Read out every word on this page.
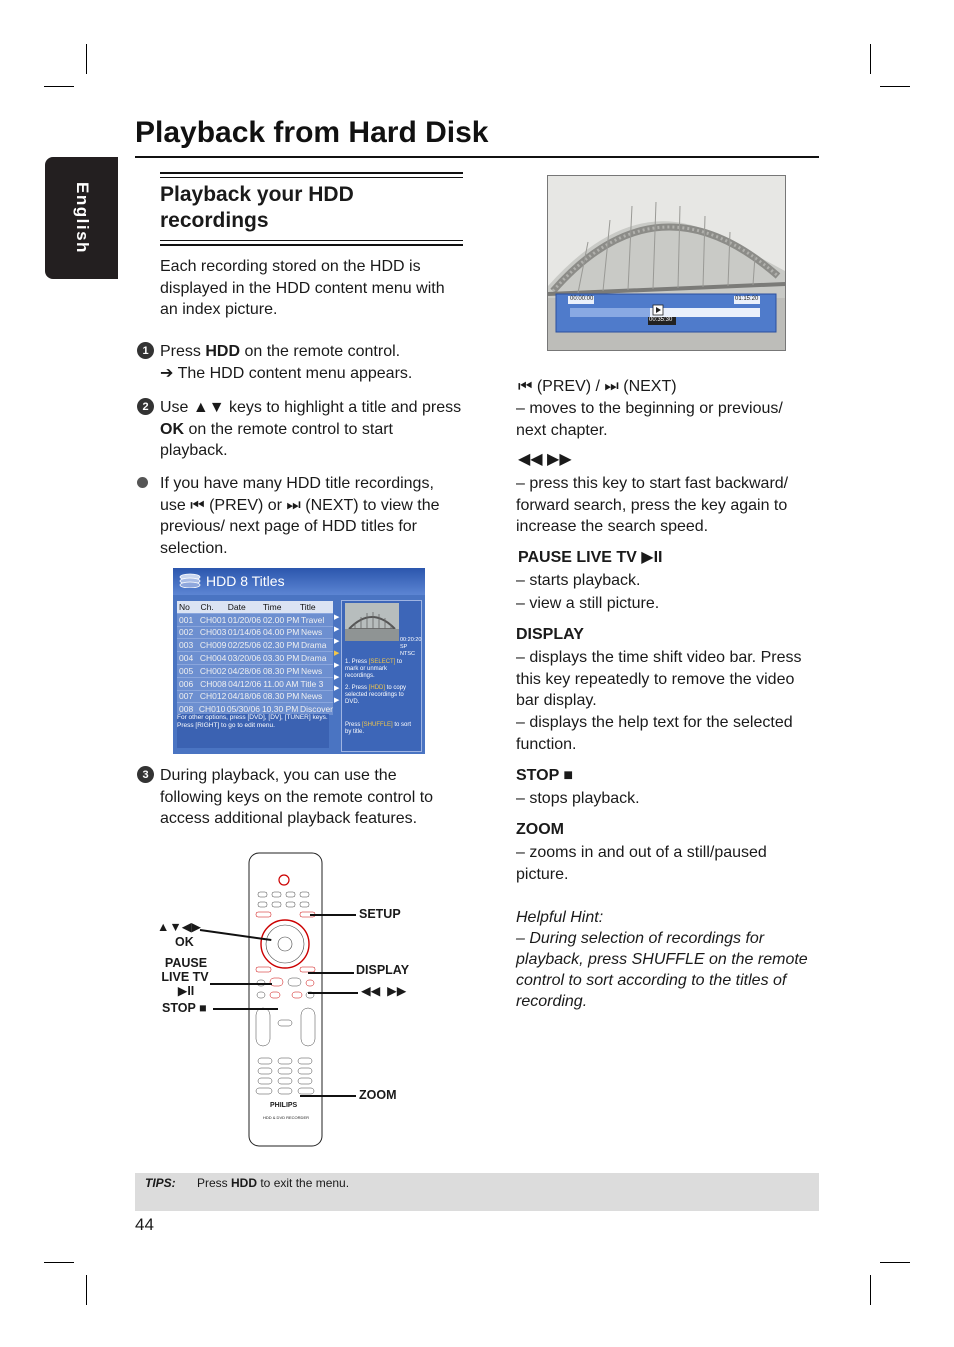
English
Playback from Hard Disk
Playback your HDD recordings

Each recording stored on the HDD is displayed in the HDD content menu with an index picture.

1 Press HDD on the remote control.
➔ The HDD content menu appears.

2 Use ▲▼ keys to highlight a title and press OK on the remote control to start playback.

If you have many HDD title recordings, use ⏮ (PREV) or ⏭ (NEXT) to view the previous/ next page of HDD titles for selection.

HDD 8 Titles
No	Ch.	Date	Time	Title
001 CH001 01/20/06 02.00 PM Travel
002 CH003 01/14/06 04.00 PM News
003 CH009 02/25/06 02.30 PM Drama
004 CH004 03/20/06 03.30 PM Drama
005 CH002 04/28/06 08.30 PM News
006 CH008 04/12/06 11.00 AM Title 3
007 CH012 04/18/06 08.30 PM News
008 CH010 05/30/06 10.30 PM Discover
▶
▶
▶
▶
▶
▶
▶
▶
00:20:20
SP NTSC
1. Press [SELECT] to mark or unmark recordings.
2. Press [HDD] to copy selected recordings to DVD.
Press [SHUFFLE] to sort by title.
For other options, press [DVD], [DV], [TUNER] keys. Press [RIGHT] to go to edit menu.
3 During playback, you can use the following keys on the remote control to access additional playback features.

PHILIPS
HDD & DVD RECORDER
▲▼◀▶
OK
PAUSE
LIVE TV
▶II
STOP ■
SETUP
DISPLAY
◀◀  ▶▶
ZOOM
00:00:00	01:15:20
00:35:30
⏮ (PREV) / ⏭ (NEXT)

– moves to the beginning or previous/ next chapter.

◀◀ ▶▶

– press this key to start fast backward/ forward search, press the key again to increase the search speed.

PAUSE LIVE TV ▶II

– starts playback.

– view a still picture.

DISPLAY

– displays the time shift video bar. Press this key repeatedly to remove the video bar display.

– displays the help text for the selected function.

STOP ■

– stops playback.

ZOOM

– zooms in and out of a still/paused picture.

Helpful Hint:
– During selection of recordings for playback, press SHUFFLE on the remote control to sort according to the titles of recording.
TIPS: Press HDD to exit the menu.
44
